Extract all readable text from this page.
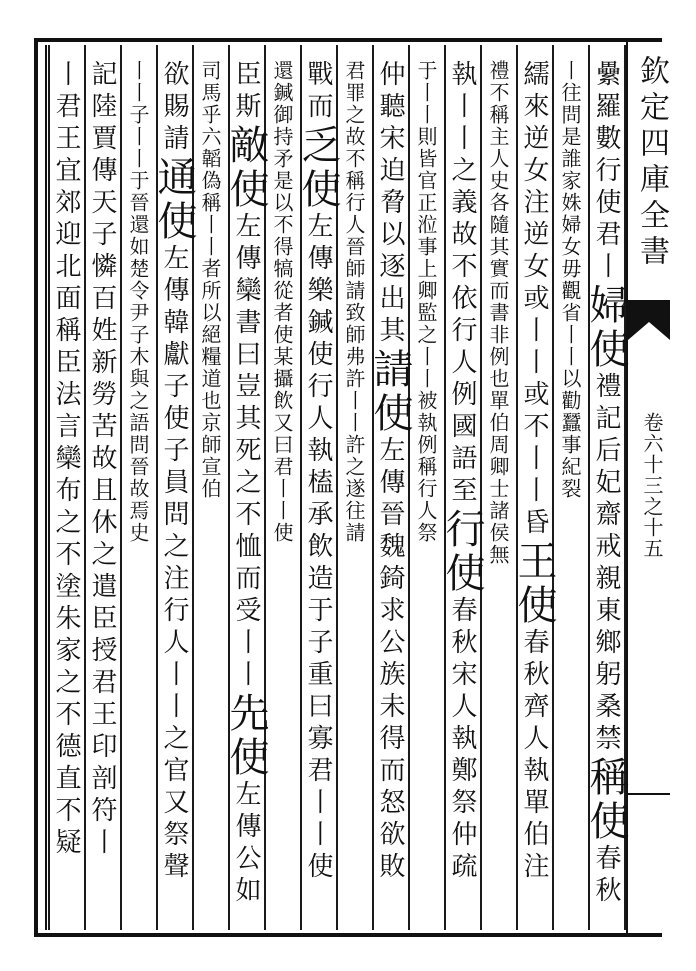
欽定四庫全書
卷六十三之十五
纍羅數行使君丨婦使禮記后妃齋戒親東鄉躬桑禁稱使春秋
丨往問是誰家姝婦女毋觀省丨丨以勸蠶事紀裂
繻來逆女注逆女或丨丨或不丨丨昏王使春秋齊人執單伯注
禮不稱主人史各隨其實而書非例也單伯周卿士諸侯無
執丨丨之義故不依行人例國語至行使春秋宋人執鄭祭仲疏
于丨丨則皆官正涖事上卿監之丨丨被執例稱行人祭
仲聽宋迫脅以逐出其請使左傳晉魏錡求公族未得而怒欲敗
君罪之故不稱行人晉師請致師弗許丨丨許之遂往請
戰而乏使左傳樂鍼使行人執榼承飲造于子重曰寡君丨丨使
還鍼御持矛是以不得犒從者使某攝飲又曰君丨丨使
臣斯敵使左傳欒書曰豈其死之不恤而受丨丨先使左傳公如
司馬乎六韜偽稱丨丨者所以絕糧道也京師宣伯
欲賜請通使左傳韓獻子使子員問之注行人丨丨之官又祭聲
丨丨子丨丨于晉還如楚令尹子木與之語問晉故焉史
記陸賈傳天子憐百姓新勞苦故且休之遣臣授君王印剖符丨
丨君王宜郊迎北面稱臣法言欒布之不塗朱家之不德直不疑
